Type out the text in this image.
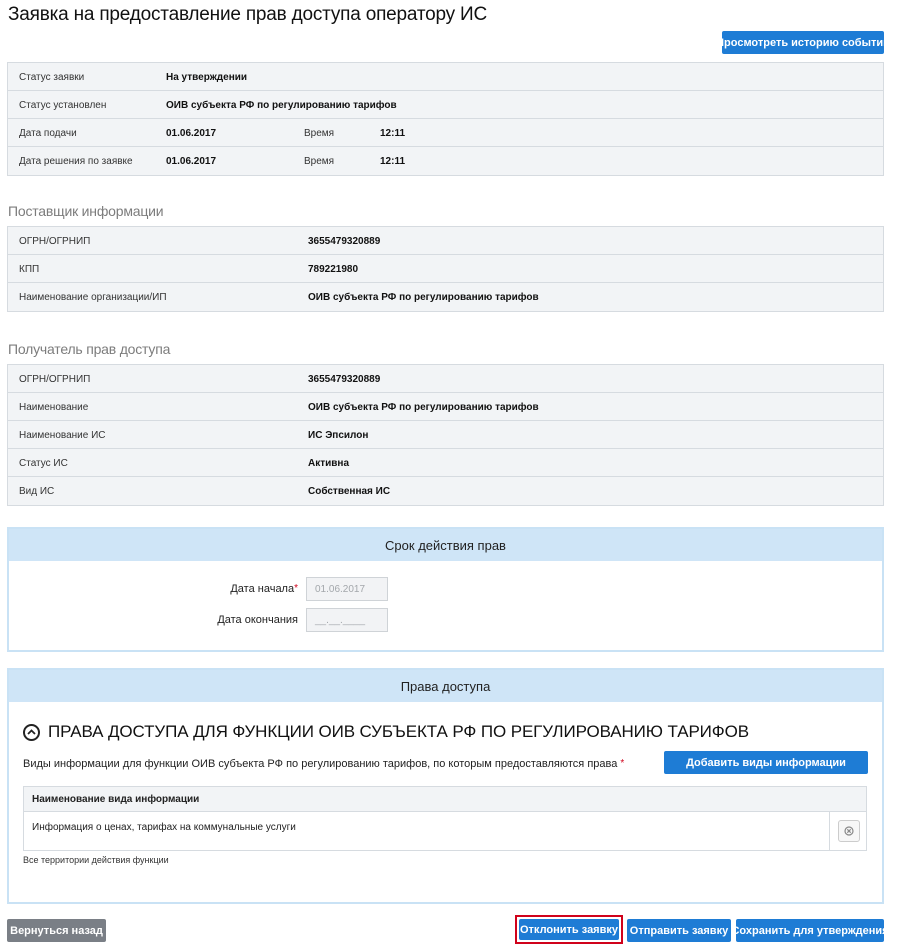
Заявка на предоставление прав доступа оператору ИС
Просмотреть историю событий
Статус заявки	На утверждении
Статус установлен	ОИВ субъекта РФ по регулированию тарифов
Дата подачи	01.06.2017	Время	12:11
Дата решения по заявке	01.06.2017	Время	12:11
Поставщик информации
ОГРН/ОГРНИП	3655479320889
КПП	789221980
Наименование организации/ИП	ОИВ субъекта РФ по регулированию тарифов
Получатель прав доступа
ОГРН/ОГРНИП	3655479320889
Наименование	ОИВ субъекта РФ по регулированию тарифов
Наименование ИС	ИС Эпсилон
Статус ИС	Активна
Вид ИС	Собственная ИС
Срок действия прав
Дата начала*	01.06.2017
Дата окончания	__.__.____
Права доступа
ПРАВА ДОСТУПА ДЛЯ ФУНКЦИИ ОИВ СУБЪЕКТА РФ ПО РЕГУЛИРОВАНИЮ ТАРИФОВ
Виды информации для функции ОИВ субъекта РФ по регулированию тарифов, по которым предоставляются права *	Добавить виды информации
Наименование вида информации
Информация о ценах, тарифах на коммунальные услуги
Все территории действия функции
Вернуться назад	Отклонить заявку Отправить заявку Сохранить для утверждения
